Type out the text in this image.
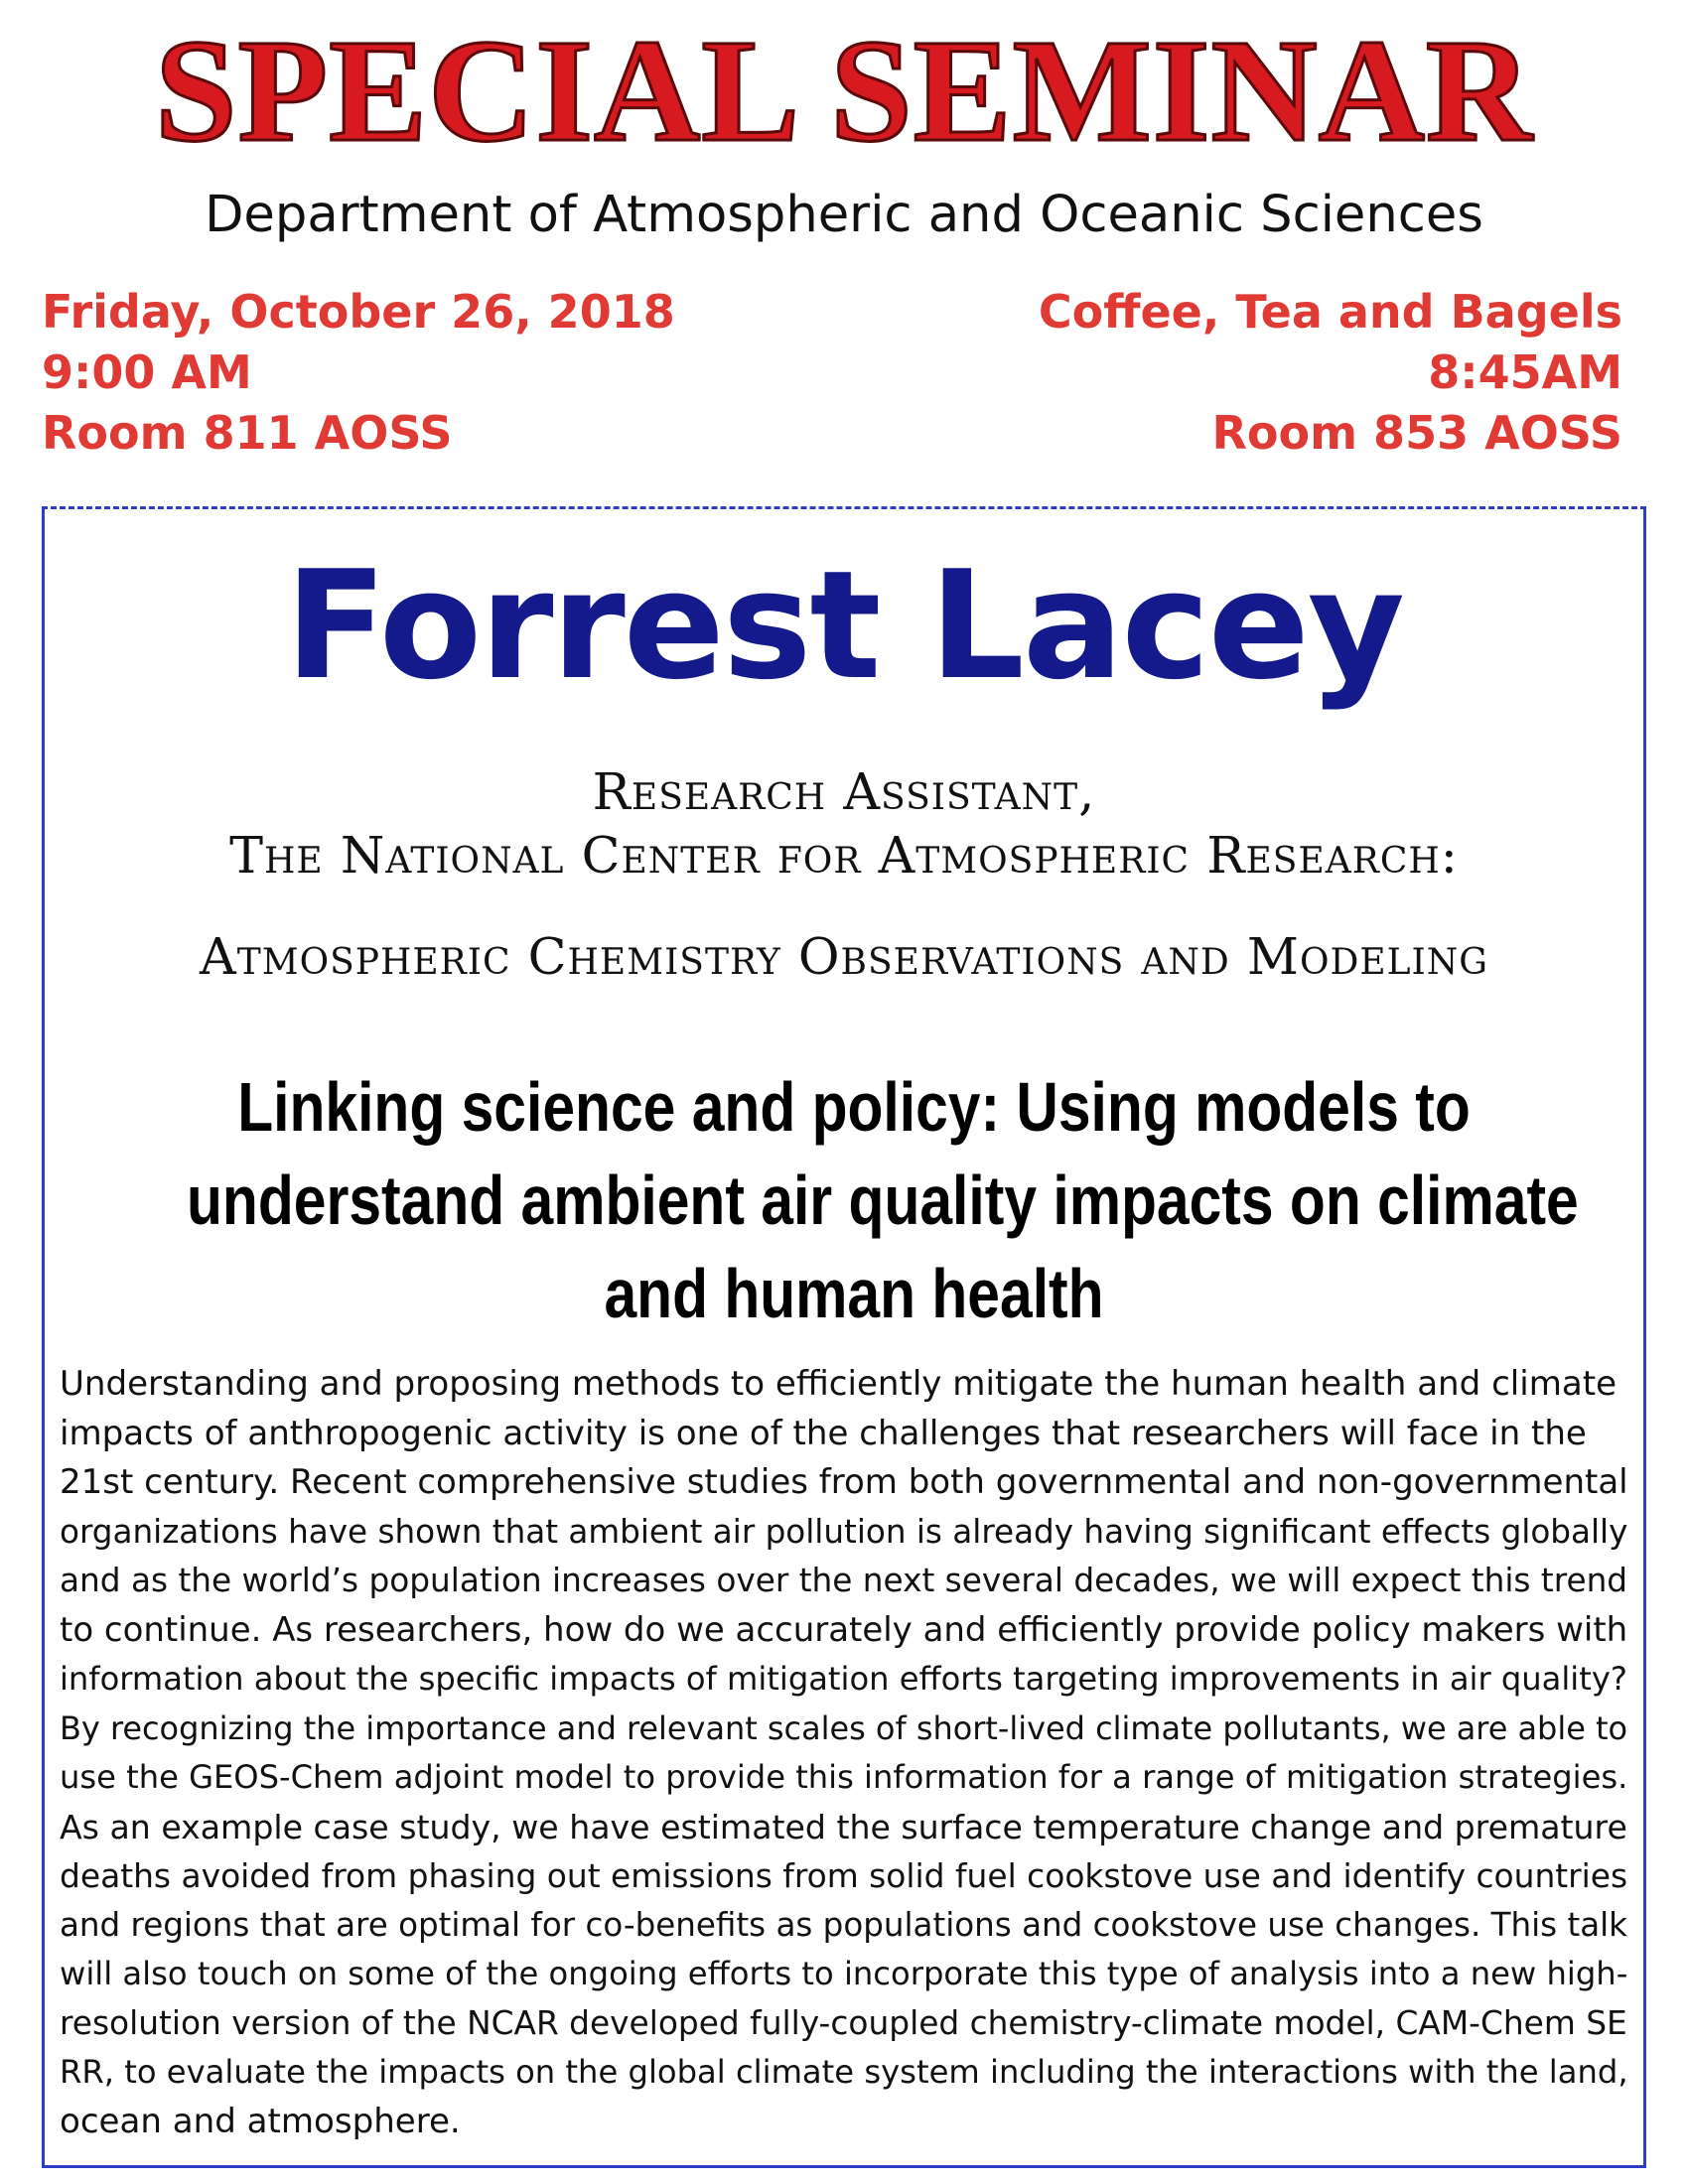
SPECIAL SEMINAR
Department of Atmospheric and Oceanic Sciences
Friday, October 26, 2018
9:00 AM
Room 811 AOSS
Coffee, Tea and Bagels
8:45AM
Room 853 AOSS
Forrest Lacey
Research Assistant,
The National Center for Atmospheric Research:
Atmospheric Chemistry Observations and Modeling
Linking science and policy: Using models to
understand ambient air quality impacts on climate
and human health
Understanding and proposing methods to efficiently mitigate the human health and climate
impacts of anthropogenic activity is one of the challenges that researchers will face in the
21st century. Recent comprehensive studies from both governmental and non-governmental
organizations have shown that ambient air pollution is already having significant effects globally
and as the world’s population increases over the next several decades, we will expect this trend
to continue. As researchers, how do we accurately and efficiently provide policy makers with
information about the specific impacts of mitigation efforts targeting improvements in air quality?
By recognizing the importance and relevant scales of short-lived climate pollutants, we are able to
use the GEOS-Chem adjoint model to provide this information for a range of mitigation strategies.
As an example case study, we have estimated the surface temperature change and premature
deaths avoided from phasing out emissions from solid fuel cookstove use and identify countries
and regions that are optimal for co-benefits as populations and cookstove use changes. This talk
will also touch on some of the ongoing efforts to incorporate this type of analysis into a new high-
resolution version of the NCAR developed fully-coupled chemistry-climate model, CAM-Chem SE
RR, to evaluate the impacts on the global climate system including the interactions with the land,
ocean and atmosphere.
